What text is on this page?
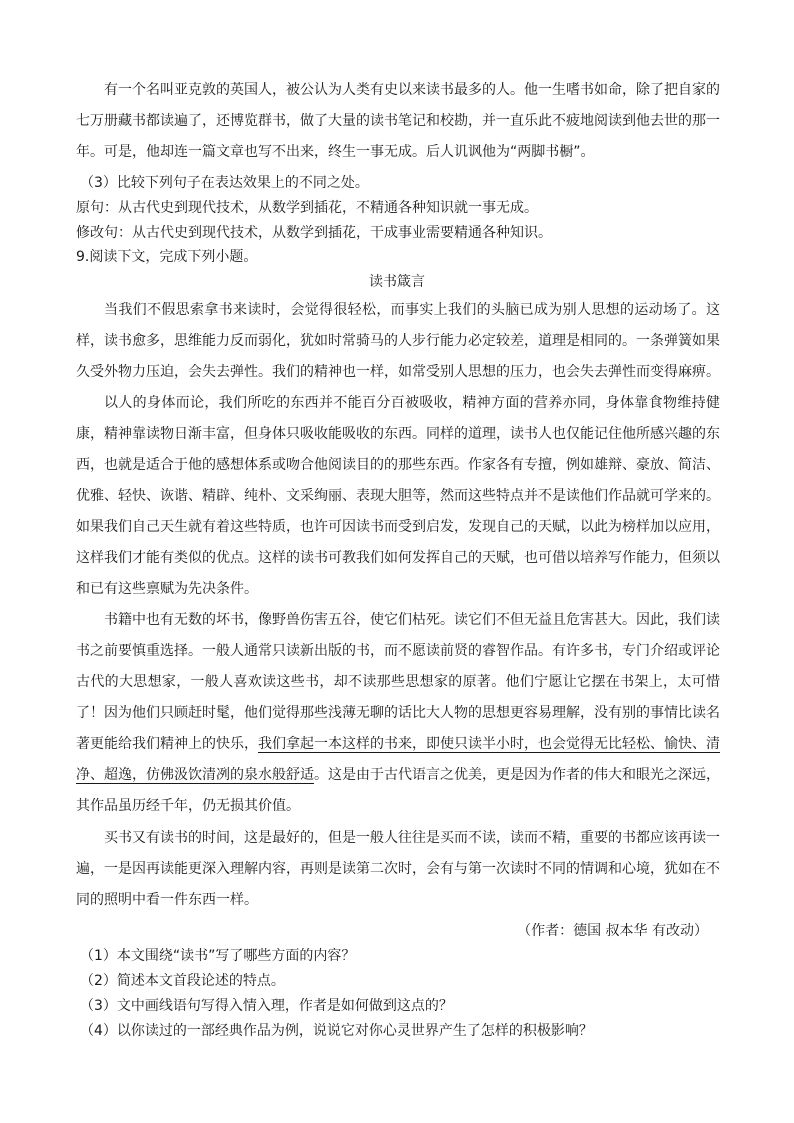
有一个名叫亚克敦的英国人，被公认为人类有史以来读书最多的人。他一生嗜书如命，除了把自家的七万册藏书都读遍了，还博览群书，做了大量的读书笔记和校勘，并一直乐此不疲地阅读到他去世的那一年。可是，他却连一篇文章也写不出来，终生一事无成。后人讥讽他为“两脚书橱”。

（3）比较下列句子在表达效果上的不同之处。

原句：从古代史到现代技术，从数学到插花，不精通各种知识就一事无成。

修改句：从古代史到现代技术，从数学到插花，干成事业需要精通各种知识。

9.阅读下文，完成下列小题。

读书箴言

当我们不假思索拿书来读时，会觉得很轻松，而事实上我们的头脑已成为别人思想的运动场了。这样，读书愈多，思维能力反而弱化，犹如时常骑马的人步行能力必定较差，道理是相同的。一条弹簧如果久受外物力压迫，会失去弹性。我们的精神也一样，如常受别人思想的压力，也会失去弹性而变得麻痹。

以人的身体而论，我们所吃的东西并不能百分百被吸收，精神方面的营养亦同，身体靠食物维持健康，精神靠读物日渐丰富，但身体只吸收能吸收的东西。同样的道理，读书人也仅能记住他所感兴趣的东西，也就是适合于他的感想体系或吻合他阅读目的的那些东西。作家各有专擅，例如雄辩、豪放、简洁、优雅、轻快、诙谐、精辟、纯朴、文采绚丽、表现大胆等，然而这些特点并不是读他们作品就可学来的。如果我们自己天生就有着这些特质，也许可因读书而受到启发，发现自己的天赋，以此为榜样加以应用，这样我们才能有类似的优点。这样的读书可教我们如何发挥自己的天赋，也可借以培养写作能力，但须以和已有这些禀赋为先决条件。

书籍中也有无数的坏书，像野兽伤害五谷，使它们枯死。读它们不但无益且危害甚大。因此，我们读书之前要慎重选择。一般人通常只读新出版的书，而不愿读前贤的睿智作品。有许多书，专门介绍或评论古代的大思想家，一般人喜欢读这些书，却不读那些思想家的原著。他们宁愿让它摆在书架上，太可惜了！因为他们只顾赶时髦，他们觉得那些浅薄无聊的话比大人物的思想更容易理解，没有别的事情比读名著更能给我们精神上的快乐，我们拿起一本这样的书来，即使只读半小时，也会觉得无比轻松、愉快、清净、超逸，仿佛汲饮清冽的泉水般舒适。这是由于古代语言之优美，更是因为作者的伟大和眼光之深远，其作品虽历经千年，仍无损其价值。

买书又有读书的时间，这是最好的，但是一般人往往是买而不读，读而不精，重要的书都应该再读一遍，一是因再读能更深入理解内容，再则是读第二次时，会有与第一次读时不同的情调和心境，犹如在不同的照明中看一件东西一样。

（作者：德国 叔本华 有改动）

（1）本文围绕“读书”写了哪些方面的内容？

（2）简述本文首段论述的特点。

（3）文中画线语句写得入情入理，作者是如何做到这点的？

（4）以你读过的一部经典作品为例，说说它对你心灵世界产生了怎样的积极影响？
